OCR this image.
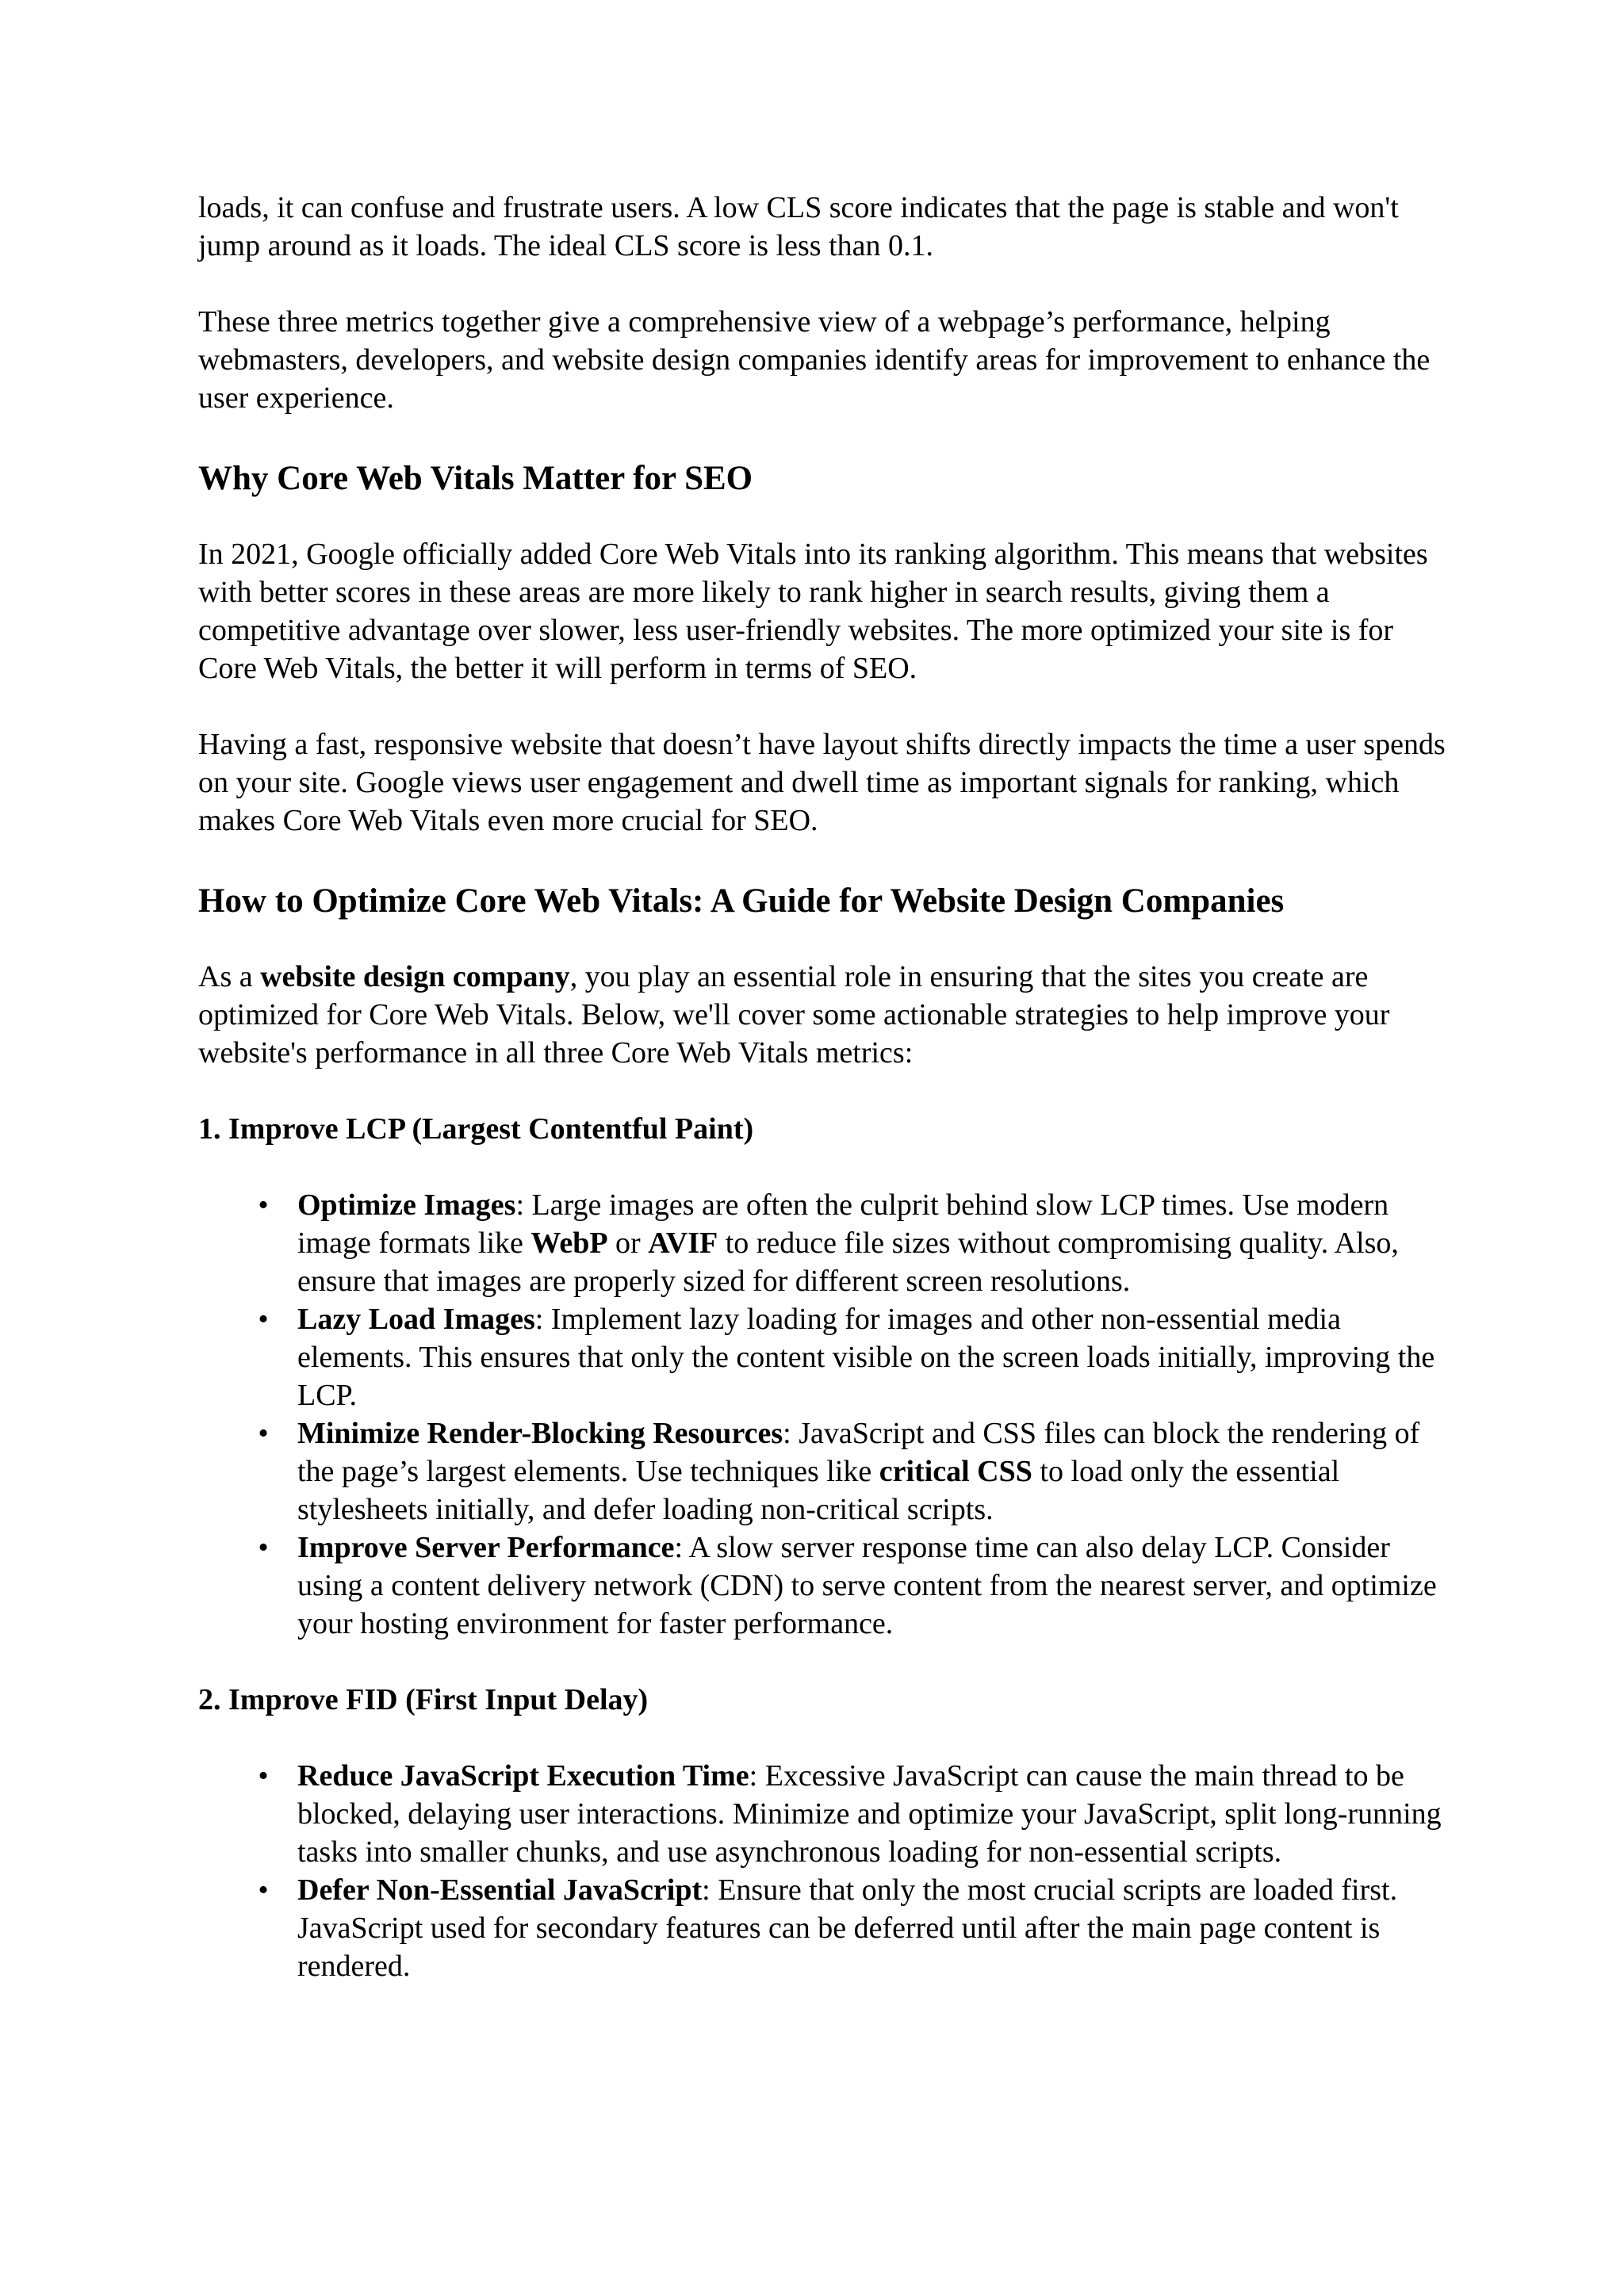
loads, it can confuse and frustrate users. A low CLS score indicates that the page is stable and won't jump around as it loads. The ideal CLS score is less than 0.1.

These three metrics together give a comprehensive view of a webpage’s performance, helping webmasters, developers, and website design companies identify areas for improvement to enhance the user experience.

Why Core Web Vitals Matter for SEO

In 2021, Google officially added Core Web Vitals into its ranking algorithm. This means that websites with better scores in these areas are more likely to rank higher in search results, giving them a competitive advantage over slower, less user-friendly websites. The more optimized your site is for Core Web Vitals, the better it will perform in terms of SEO.

Having a fast, responsive website that doesn’t have layout shifts directly impacts the time a user spends on your site. Google views user engagement and dwell time as important signals for ranking, which makes Core Web Vitals even more crucial for SEO.

How to Optimize Core Web Vitals: A Guide for Website Design Companies

As a website design company, you play an essential role in ensuring that the sites you create are optimized for Core Web Vitals. Below, we'll cover some actionable strategies to help improve your website's performance in all three Core Web Vitals metrics:

1. Improve LCP (Largest Contentful Paint)
• Optimize Images: Large images are often the culprit behind slow LCP times. Use modern image formats like WebP or AVIF to reduce file sizes without compromising quality. Also, ensure that images are properly sized for different screen resolutions.
• Lazy Load Images: Implement lazy loading for images and other non-essential media elements. This ensures that only the content visible on the screen loads initially, improving the LCP.
• Minimize Render-Blocking Resources: JavaScript and CSS files can block the rendering of the page’s largest elements. Use techniques like critical CSS to load only the essential stylesheets initially, and defer loading non-critical scripts.
• Improve Server Performance: A slow server response time can also delay LCP. Consider using a content delivery network (CDN) to serve content from the nearest server, and optimize your hosting environment for faster performance.
2. Improve FID (First Input Delay)
• Reduce JavaScript Execution Time: Excessive JavaScript can cause the main thread to be blocked, delaying user interactions. Minimize and optimize your JavaScript, split long-running tasks into smaller chunks, and use asynchronous loading for non-essential scripts.
• Defer Non-Essential JavaScript: Ensure that only the most crucial scripts are loaded first. JavaScript used for secondary features can be deferred until after the main page content is rendered.
